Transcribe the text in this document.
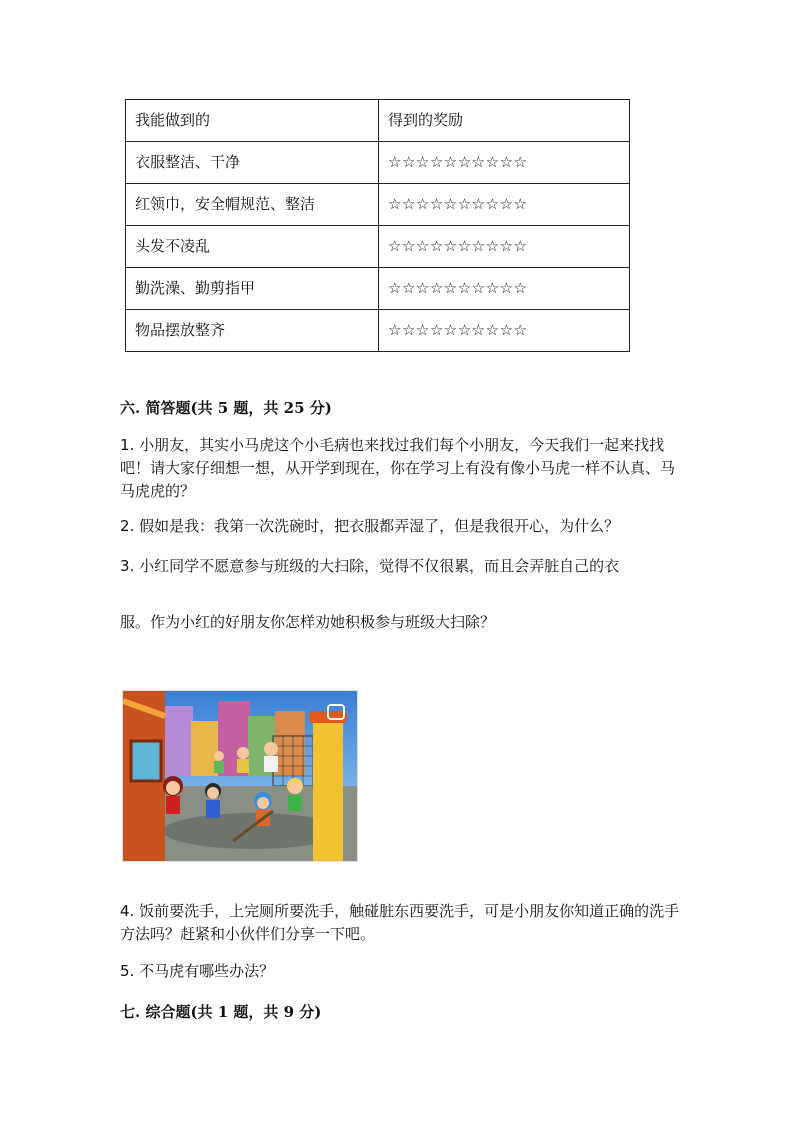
我能做到的	得到的奖励
衣服整洁、干净	☆☆☆☆☆☆☆☆☆☆
红领巾，安全帽规范、整洁	☆☆☆☆☆☆☆☆☆☆
头发不凌乱	☆☆☆☆☆☆☆☆☆☆
勤洗澡、勤剪指甲	☆☆☆☆☆☆☆☆☆☆
物品摆放整齐	☆☆☆☆☆☆☆☆☆☆
六. 简答题(共 5 题，共 25 分)

1. 小朋友，其实小马虎这个小毛病也来找过我们每个小朋友，今天我们一起来找找吧！请大家仔细想一想，从开学到现在，你在学习上有没有像小马虎一样不认真、马马虎虎的？

2. 假如是我：我第一次洗碗时，把衣服都弄湿了，但是我很开心，为什么？

3. 小红同学不愿意参与班级的大扫除，觉得不仅很累，而且会弄脏自己的衣

服。作为小红的好朋友你怎样劝她积极参与班级大扫除？

4. 饭前要洗手，上完厕所要洗手，触碰脏东西要洗手，可是小朋友你知道正确的洗手方法吗？赶紧和小伙伴们分享一下吧。

5. 不马虎有哪些办法？

七. 综合题(共 1 题，共 9 分)
